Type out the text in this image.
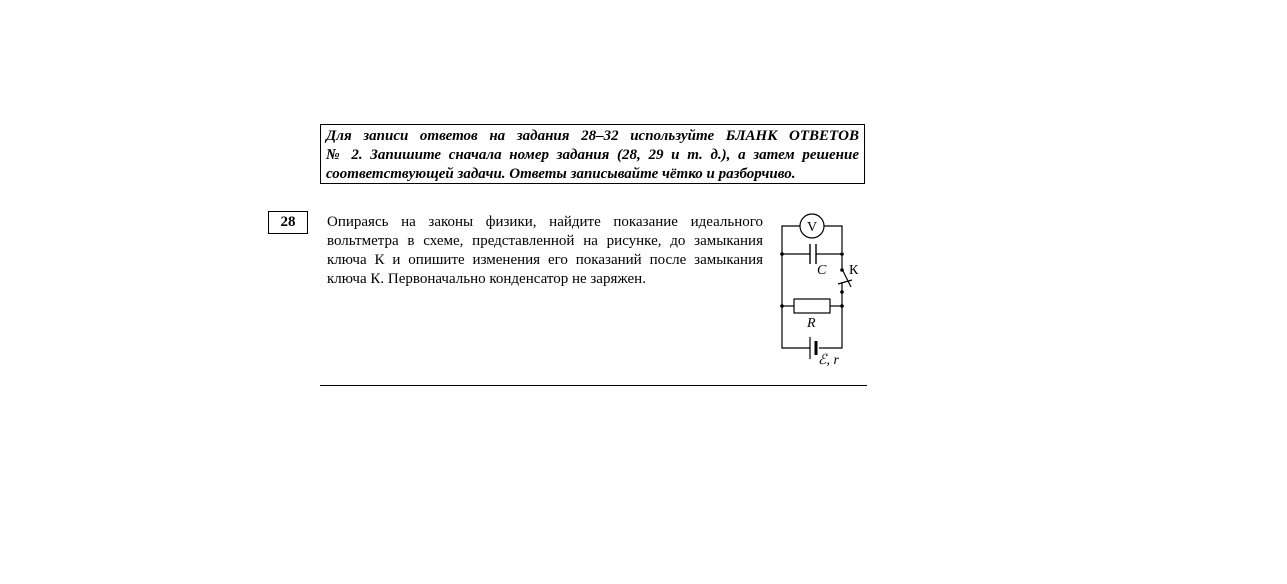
Для записи ответов на задания 28–32 используйте БЛАНК ОТВЕТОВ
№ 2. Запишите сначала номер задания (28, 29 и т. д.), а затем решение
соответствующей задачи. Ответы записывайте чётко и разборчиво.
28	Опираясь на законы физики, найдите показание идеального
вольтметра в схеме, представленной на рисунке, до замыкания
ключа К и опишите изменения его показаний после замыкания
ключа К. Первоначально конденсатор не заряжен.
V
C К
R
ℰ, r
